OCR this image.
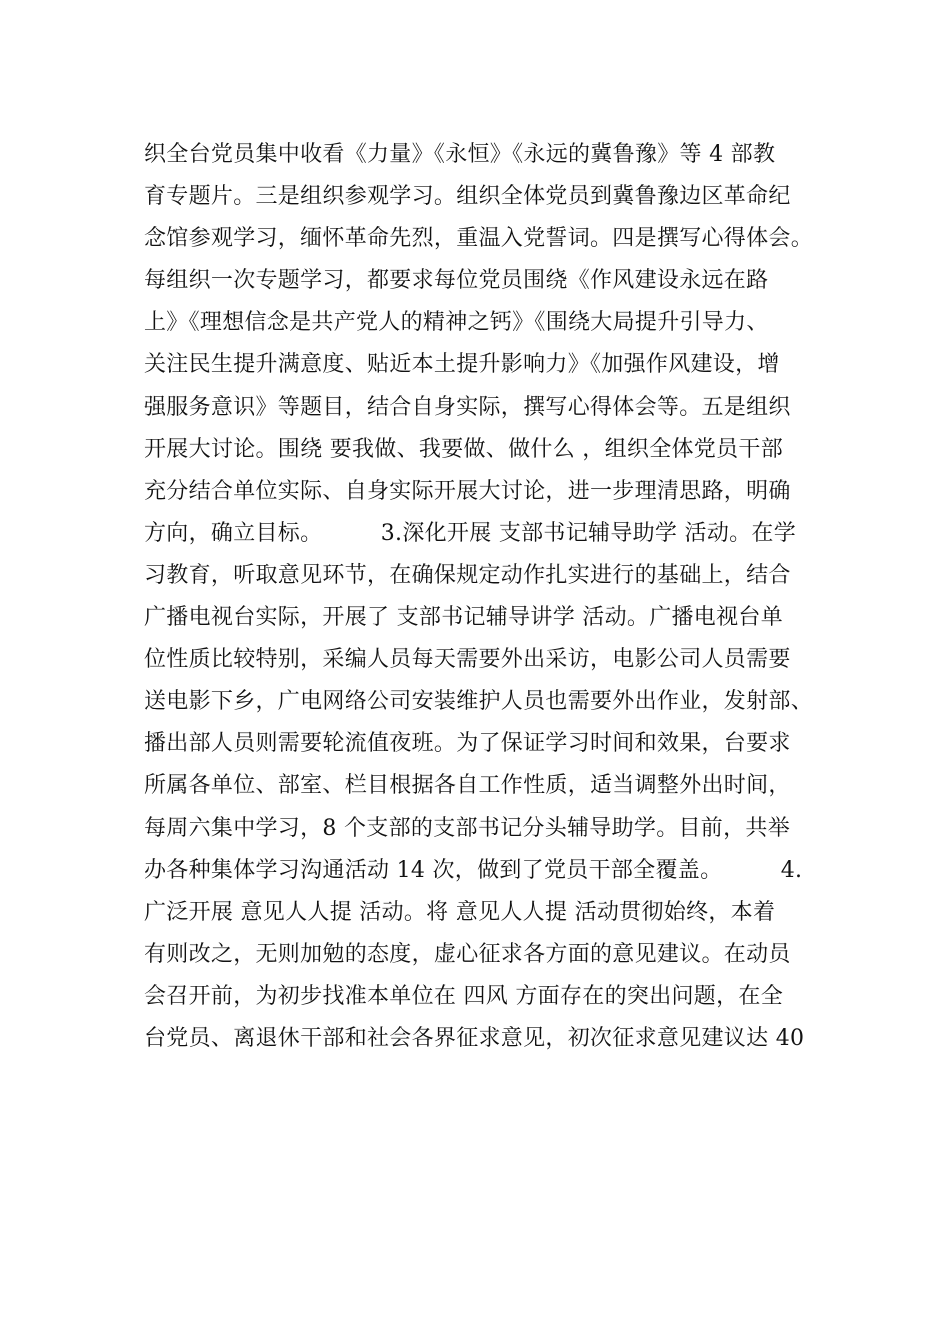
织全台党员集中收看《力量》《永恒》《永远的冀鲁豫》等 4 部教
育专题片。三是组织参观学习。组织全体党员到冀鲁豫边区革命纪
念馆参观学习，缅怀革命先烈，重温入党誓词。四是撰写心得体会。
每组织一次专题学习，都要求每位党员围绕《作风建设永远在路
上》《理想信念是共产党人的精神之钙》《围绕大局提升引导力、
关注民生提升满意度、贴近本土提升影响力》《加强作风建设，增
强服务意识》等题目，结合自身实际，撰写心得体会等。五是组织
开展大讨论。围绕 要我做、我要做、做什么 ，组织全体党员干部
充分结合单位实际、自身实际开展大讨论，进一步理清思路，明确
方向，确立目标。        3.深化开展 支部书记辅导助学 活动。在学
习教育，听取意见环节，在确保规定动作扎实进行的基础上，结合
广播电视台实际，开展了 支部书记辅导讲学 活动。广播电视台单
位性质比较特别，采编人员每天需要外出采访，电影公司人员需要
送电影下乡，广电网络公司安装维护人员也需要外出作业，发射部、
播出部人员则需要轮流值夜班。为了保证学习时间和效果，台要求
所属各单位、部室、栏目根据各自工作性质，适当调整外出时间，
每周六集中学习，8 个支部的支部书记分头辅导助学。目前，共举
办各种集体学习沟通活动 14 次，做到了党员干部全覆盖。        4.
广泛开展 意见人人提 活动。将 意见人人提 活动贯彻始终，本着
有则改之，无则加勉的态度，虚心征求各方面的意见建议。在动员
会召开前，为初步找准本单位在 四风 方面存在的突出问题，在全
台党员、离退休干部和社会各界征求意见，初次征求意见建议达 40
